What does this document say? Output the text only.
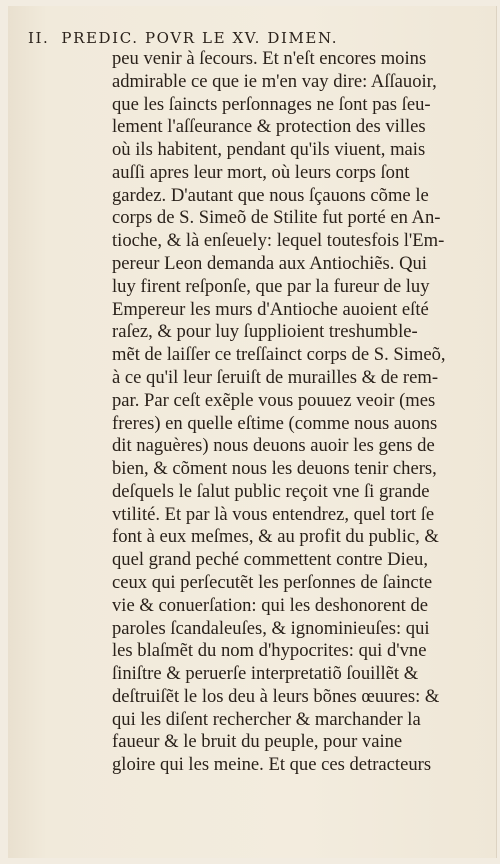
II. PREDIC. POVR LE XV. DIMEN.
peu venir à ſecours. Et n'eſt encores moins
admirable ce que ie m'en vay dire: Aſſauoir,
que les ſaincts perſonnages ne ſont pas ſeu-
lement l'aſſeurance & protection des villes
où ils habitent, pendant qu'ils viuent, mais
auſſi apres leur mort, où leurs corps ſont
gardez. D'autant que nous ſçauons cõme le
corps de S. Simeõ de Stilite fut porté en An-
tioche, & là enſeuely: lequel toutesfois l'Em-
pereur Leon demanda aux Antiochiẽs. Qui
luy firent reſponſe, que par la fureur de luy
Empereur les murs d'Antioche auoient eſté
raſez, & pour luy ſupplioient treshumble-
mẽt de laiſſer ce treſſainct corps de S. Simeõ,
à ce qu'il leur ſeruiſt de murailles & de rem-
par. Par ceſt exẽple vous pouuez veoir (mes
freres) en quelle eſtime (comme nous auons
dit naguères) nous deuons auoir les gens de
bien, & cõment nous les deuons tenir chers,
deſquels le ſalut public reçoit vne ſi grande
vtilité. Et par là vous entendrez, quel tort ſe
font à eux meſmes, & au profit du public, &
quel grand peché commettent contre Dieu,
ceux qui perſecutẽt les perſonnes de ſaincte
vie & conuerſation: qui les deshonorent de
paroles ſcandaleuſes, & ignominieuſes: qui
les blaſmẽt du nom d'hypocrites: qui d'vne
ſiniſtre & peruerſe interpretatiõ ſouillẽt &
deſtruiſẽt le los deu à leurs bõnes œuures: &
qui les diſent rechercher & marchander la
faueur & le bruit du peuple, pour vaine
gloire qui les meine. Et que ces detracteurs
